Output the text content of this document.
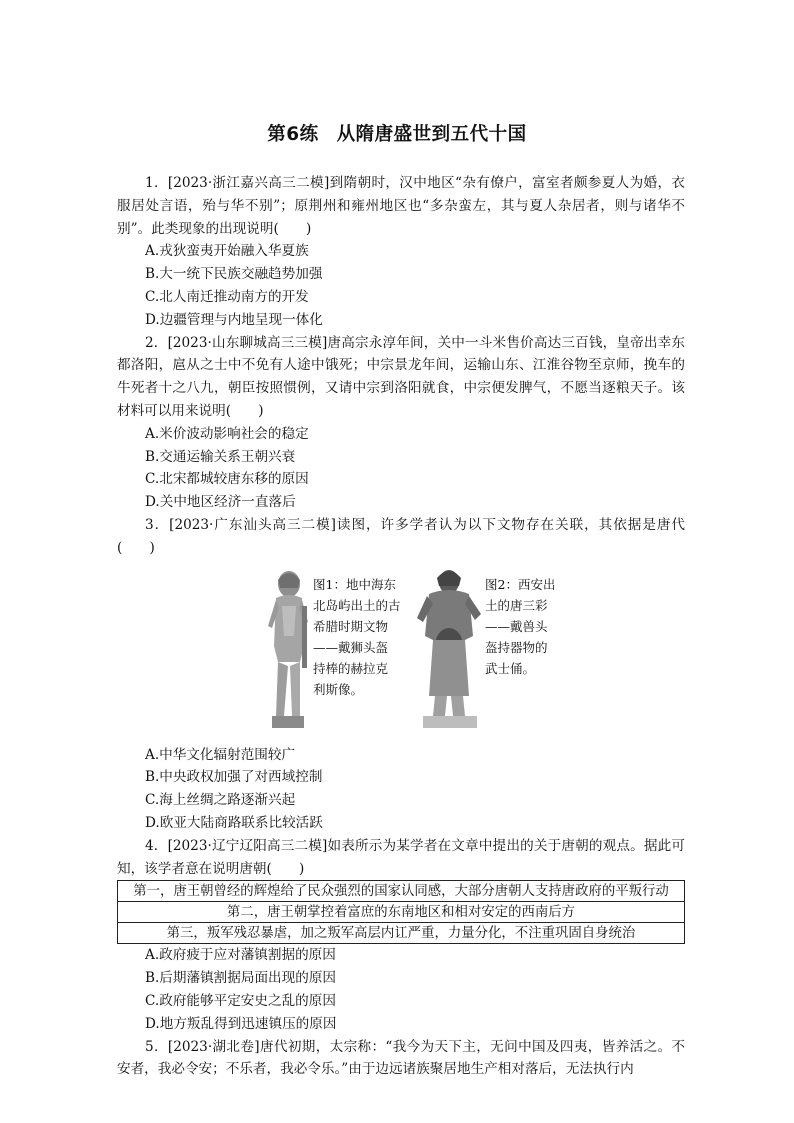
第6练 从隋唐盛世到五代十国

1．[2023·浙江嘉兴高三二模]到隋朝时，汉中地区“杂有僚户，富室者颇参夏人为婚，衣服居处言语，殆与华不别”；原荆州和雍州地区也“多杂蛮左，其与夏人杂居者，则与诸华不别”。此类现象的出现说明(　　)

A.戎狄蛮夷开始融入华夏族

B.大一统下民族交融趋势加强

C.北人南迁推动南方的开发

D.边疆管理与内地呈现一体化

2．[2023·山东聊城高三三模]唐高宗永淳年间，关中一斗米售价高达三百钱，皇帝出幸东都洛阳，扈从之士中不免有人途中饿死；中宗景龙年间，运输山东、江淮谷物至京师，挽车的牛死者十之八九，朝臣按照惯例，又请中宗到洛阳就食，中宗便发脾气，不愿当逐粮天子。该材料可以用来说明(　　)

A.米价波动影响社会的稳定

B.交通运输关系王朝兴衰

C.北宋都城较唐东移的原因

D.关中地区经济一直落后

3．[2023·广东汕头高三二模]读图，许多学者认为以下文物存在关联，其依据是唐代(　　)

图1：地中海东
北岛屿出土的古
希腊时期文物
——戴狮头盔
持棒的赫拉克
利斯像。
图2：西安出
土的唐三彩
——戴兽头
盔持器物的
武士俑。

A.中华文化辐射范围较广

B.中央政权加强了对西域控制

C.海上丝绸之路逐渐兴起

D.欧亚大陆商路联系比较活跃

4．[2023·辽宁辽阳高三二模]如表所示为某学者在文章中提出的关于唐朝的观点。据此可知，该学者意在说明唐朝(　　)

第一，唐王朝曾经的辉煌给了民众强烈的国家认同感，大部分唐朝人支持唐政府的平叛行动
第二，唐王朝掌控着富庶的东南地区和相对安定的西南后方
第三，叛军残忍暴虐，加之叛军高层内讧严重，力量分化，不注重巩固自身统治

A.政府疲于应对藩镇割据的原因

B.后期藩镇割据局面出现的原因

C.政府能够平定安史之乱的原因

D.地方叛乱得到迅速镇压的原因

5．[2023·湖北卷]唐代初期，太宗称：“我今为天下主，无问中国及四夷，皆养活之。不安者，我必令安；不乐者，我必令乐。”由于边远诸族聚居地生产相对落后，无法执行内
